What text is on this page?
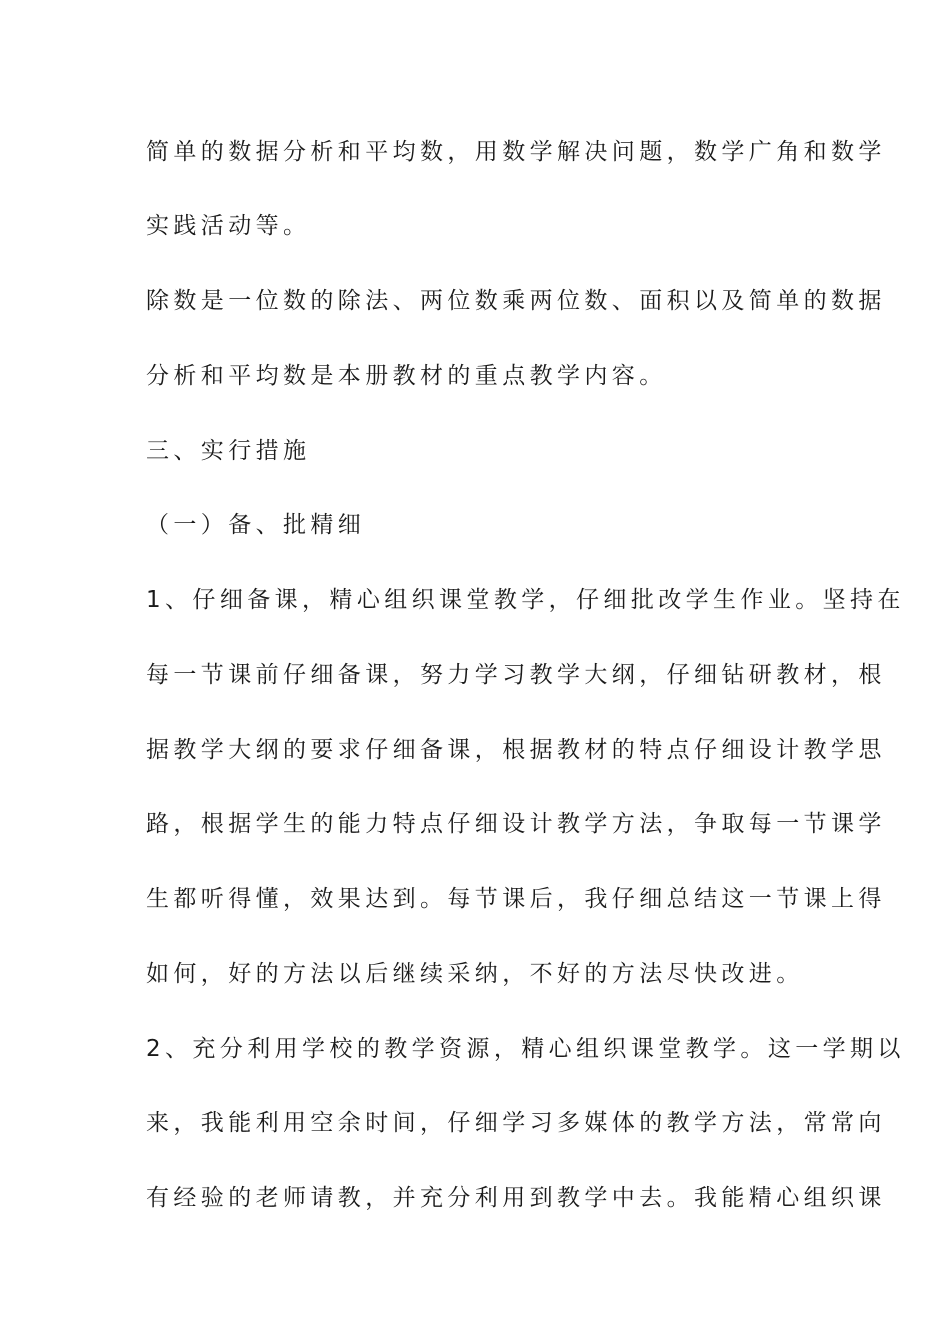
简单的数据分析和平均数，用数学解决问题，数学广角和数学

实践活动等。

除数是一位数的除法、两位数乘两位数、面积以及简单的数据

分析和平均数是本册教材的重点教学内容。

三、实行措施

（一）备、批精细

1、仔细备课，精心组织课堂教学，仔细批改学生作业。坚持在

每一节课前仔细备课，努力学习教学大纲，仔细钻研教材，根

据教学大纲的要求仔细备课，根据教材的特点仔细设计教学思

路，根据学生的能力特点仔细设计教学方法，争取每一节课学

生都听得懂，效果达到。每节课后，我仔细总结这一节课上得

如何，好的方法以后继续采纳，不好的方法尽快改进。

2、充分利用学校的教学资源，精心组织课堂教学。这一学期以

来，我能利用空余时间，仔细学习多媒体的教学方法，常常向

有经验的老师请教，并充分利用到教学中去。我能精心组织课
